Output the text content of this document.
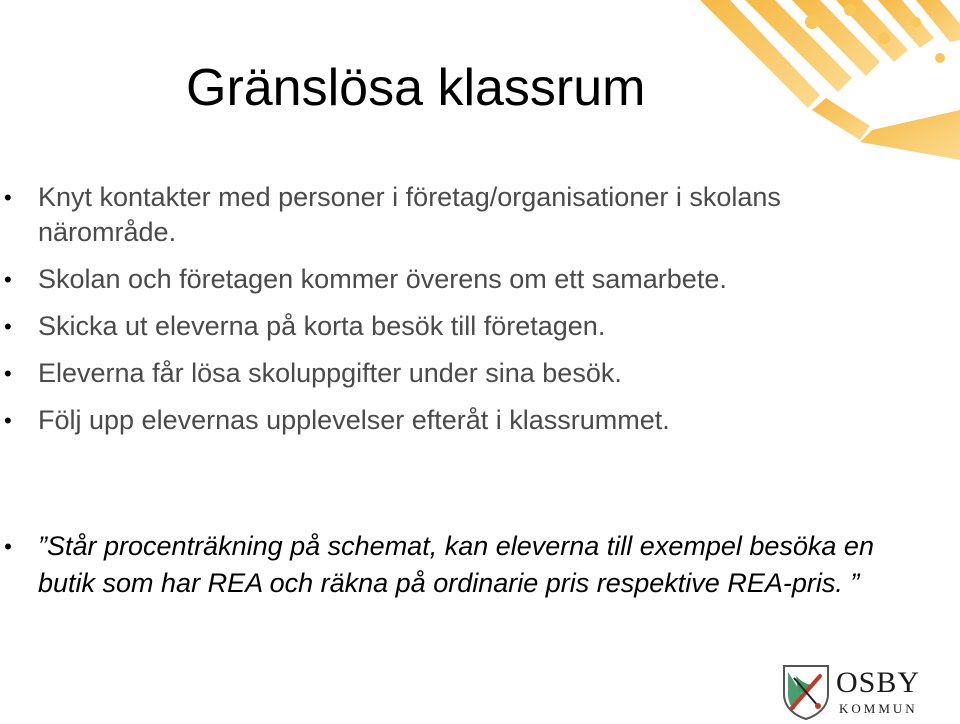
Gränslösa klassrum
• Knyt kontakter med personer i företag/organisationer i skolans närområde.
• Skolan och företagen kommer överens om ett samarbete.
• Skicka ut eleverna på korta besök till företagen.
• Eleverna får lösa skoluppgifter under sina besök.
• Följ upp elevernas upplevelser efteråt i klassrummet.
• ”Står procenträkning på schemat, kan eleverna till exempel besöka en butik som har REA och räkna på ordinarie pris respektive REA-pris. ”
OSBY
KOMMUN
